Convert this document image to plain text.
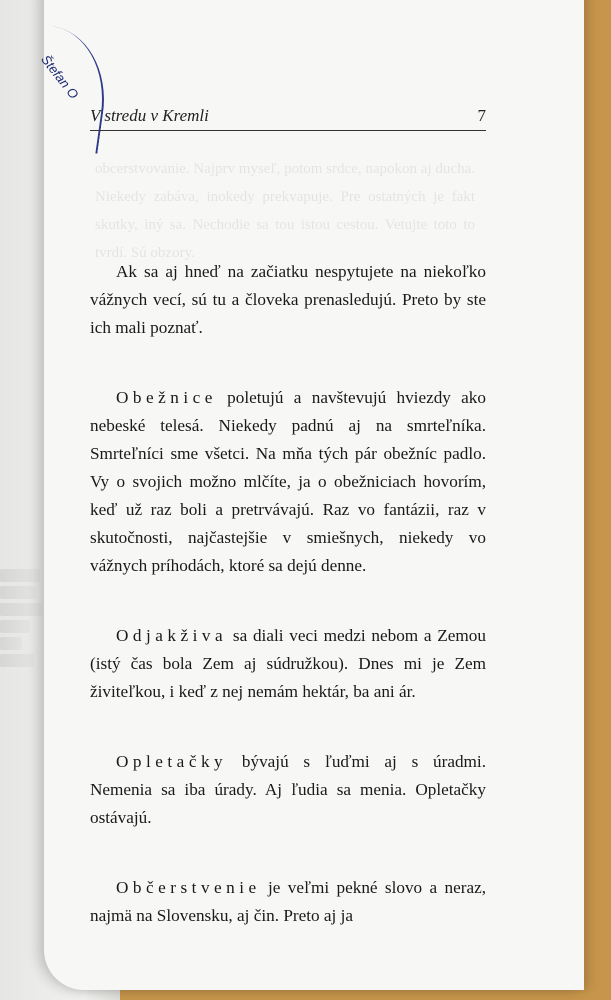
Štefan O
V stredu v Kremli	7

Ak sa aj hneď na začiatku nespytujete na niekoľko vážnych vecí, sú tu a človeka prenasledujú. Preto by ste ich mali poznať.

Obežnice poletujú a navštevujú hviezdy ako nebeské telesá. Niekedy padnú aj na smrteľníka. Smrteľníci sme všetci. Na mňa tých pár obežníc padlo. Vy o svojich možno mlčíte, ja o obežniciach hovorím, keď už raz boli a pretrvávajú. Raz vo fantázii, raz v skutočnosti, najčastejšie v smiešnych, niekedy vo vážnych príhodách, ktoré sa dejú denne.

Odjakživa sa diali veci medzi nebom a Zemou (istý čas bola Zem aj súdružkou). Dnes mi je Zem živiteľkou, i keď z nej nemám hektár, ba ani ár.

Opletačky bývajú s ľuďmi aj s úradmi. Nemenia sa iba úrady. Aj ľudia sa menia. Opletačky ostávajú.

Občerstvenie je veľmi pekné slovo a neraz, najmä na Slovensku, aj čin. Preto aj ja
